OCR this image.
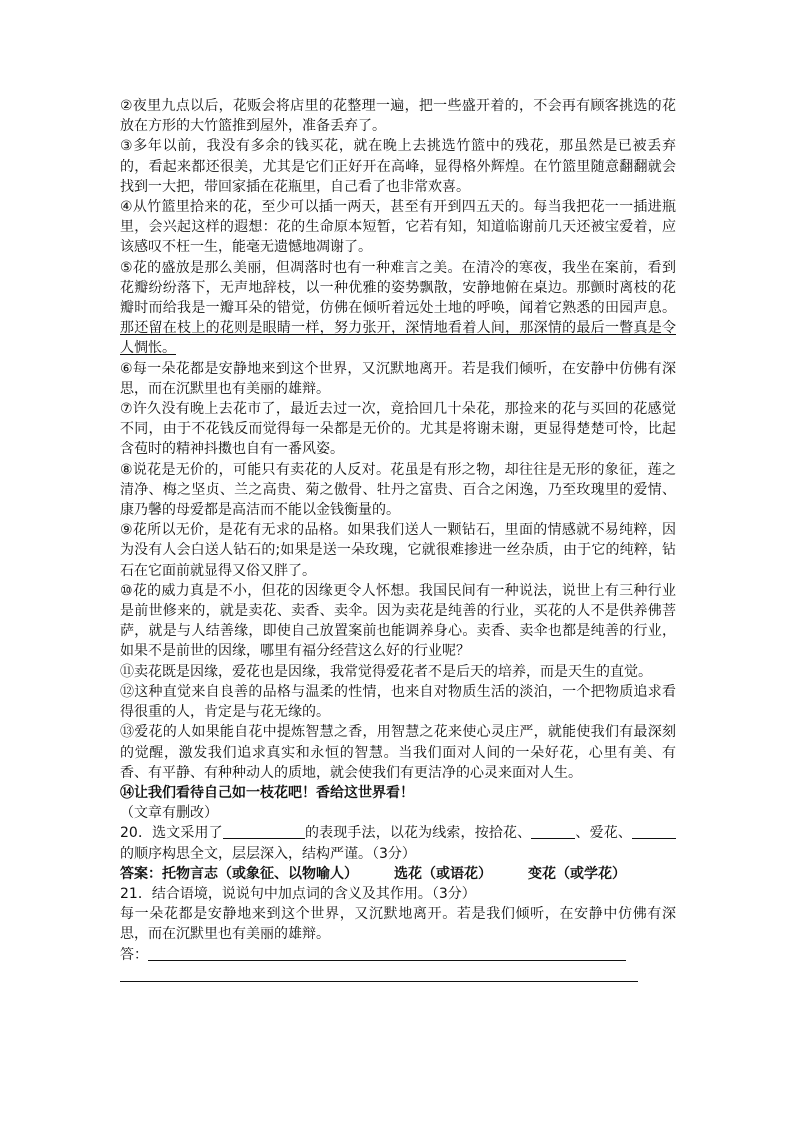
②夜里九点以后，花贩会将店里的花整理一遍，把一些盛开着的，不会再有顾客挑选的花放在方形的大竹篮推到屋外，准备丢弃了。

③多年以前，我没有多余的钱买花，就在晚上去挑选竹篮中的残花，那虽然是已被丢弃的，看起来都还很美，尤其是它们正好开在高峰，显得格外辉煌。在竹篮里随意翻翻就会找到一大把，带回家插在花瓶里，自己看了也非常欢喜。

④从竹篮里拾来的花，至少可以插一两天，甚至有开到四五天的。每当我把花一一插进瓶里，会兴起这样的遐想：花的生命原本短暂，它若有知，知道临谢前几天还被宝爱着，应该感叹不枉一生，能毫无遗憾地凋谢了。

⑤花的盛放是那么美丽，但凋落时也有一种难言之美。在清冷的寒夜，我坐在案前，看到花瓣纷纷落下，无声地辞枝，以一种优雅的姿势飘散，安静地俯在桌边。那颤时离枝的花瓣时而给我是一瓣耳朵的错觉，仿佛在倾听着远处土地的呼唤，闻着它熟悉的田园声息。那还留在枝上的花则是眼睛一样，努力张开，深情地看着人间，那深情的最后一瞥真是令人惆怅。

⑥每一朵花都是安静地来到这个世界，又沉默地离开。若是我们倾听，在安静中仿佛有深思，而在沉默里也有美丽的雄辩。

⑦许久没有晚上去花市了，最近去过一次，竟拾回几十朵花，那捡来的花与买回的花感觉不同，由于不花钱反而觉得每一朵都是无价的。尤其是将谢未谢，更显得楚楚可怜，比起含苞时的精神抖擞也自有一番风姿。

⑧说花是无价的，可能只有卖花的人反对。花虽是有形之物，却往往是无形的象征，莲之清净、梅之坚贞、兰之高贵、菊之傲骨、牡丹之富贵、百合之闲逸，乃至玫瑰里的爱情、康乃馨的母爱都是高洁而不能以金钱衡量的。

⑨花所以无价，是花有无求的品格。如果我们送人一颗钻石，里面的情感就不易纯粹，因为没有人会白送人钻石的;如果是送一朵玫瑰，它就很难掺进一丝杂质，由于它的纯粹，钻石在它面前就显得又俗又胖了。

⑩花的威力真是不小，但花的因缘更令人怀想。我国民间有一种说法，说世上有三种行业是前世修来的，就是卖花、卖香、卖伞。因为卖花是纯善的行业，买花的人不是供养佛菩萨，就是与人结善缘，即使自己放置案前也能调养身心。卖香、卖伞也都是纯善的行业，如果不是前世的因缘，哪里有福分经营这么好的行业呢？

⑪卖花既是因缘，爱花也是因缘，我常觉得爱花者不是后天的培养，而是天生的直觉。

⑫这种直觉来自良善的品格与温柔的性情，也来自对物质生活的淡泊，一个把物质追求看得很重的人，肯定是与花无缘的。

⑬爱花的人如果能自花中提炼智慧之香，用智慧之花来使心灵庄严，就能使我们有最深刻的觉醒，激发我们追求真实和永恒的智慧。当我们面对人间的一朵好花，心里有美、有香、有平静、有种种动人的质地，就会使我们有更洁净的心灵来面对人生。

⑭让我们看待自己如一枝花吧！香给这世界看！

（文章有删改）

20．选文采用了	的表现手法，以花为线索，按拾花、	、爱花、的顺序构思全文，层层深入，结构严谨。（3分）

答案：托物言志（或象征、以物喻人）	选花（或语花）	变花（或学花）

21．结合语境，说说句中加点词的含义及其作用。（3分）

每一朵花都是安静地来到这个世界，又沉默地离开。若是我们倾听，在安静中仿佛有深思，而在沉默里也有美丽的雄辩。

答：
